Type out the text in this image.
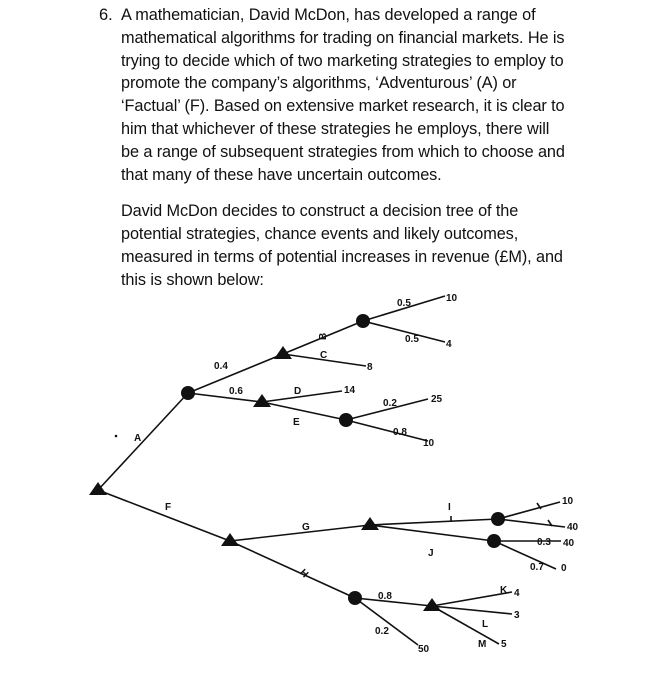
6. A mathematician, David McDon, has developed a range of
mathematical algorithms for trading on financial markets. He is
trying to decide which of two marketing strategies to employ to
promote the company’s algorithms, ‘Adventurous’ (A) or
‘Factual’ (F). Based on extensive market research, it is clear to
him that whichever of these strategies he employs, there will
be a range of subsequent strategies from which to choose and
that many of these have uncertain outcomes.
David McDon decides to construct a decision tree of the
potential strategies, chance events and likely outcomes,
measured in terms of potential increases in revenue (£M), and
this is shown below:
A
F
B
C
D
E
G
H
I
J
K
L
M
0.4
0.6
0.5
0.5
0.2
0.8
0.3
0.7
0.8
0.2
10
4
8
14
25
10
10
40
40
0
4
3
50	5
